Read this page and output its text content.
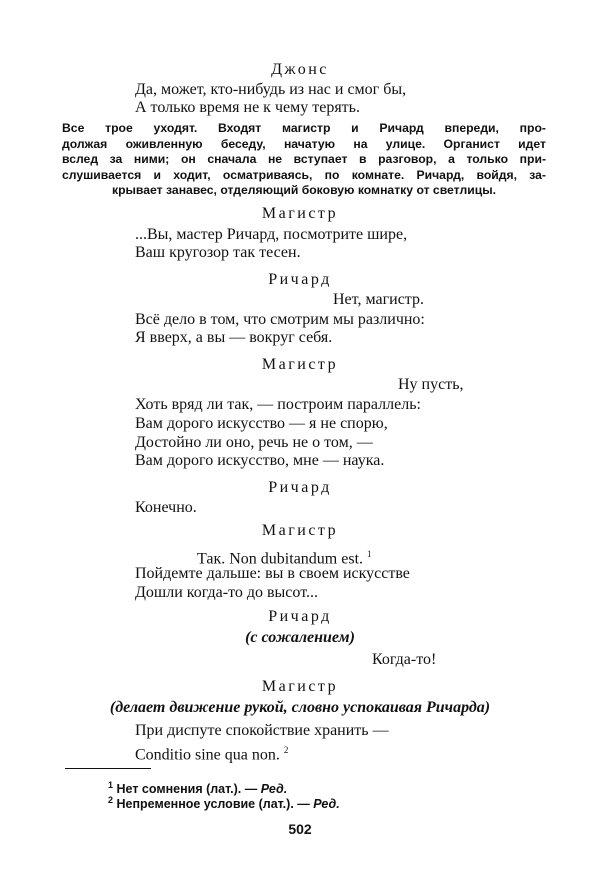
Джонс
Да, может, кто-нибудь из нас и смог бы,
А только время не к чему терять.
Все трое уходят. Входят магистр и Ричард впереди, про-
должая оживленную беседу, начатую на улице. Органист идет
вслед за ними; он сначала не вступает в разговор, а только при-
слушивается и ходит, осматриваясь, по комнате. Ричард, войдя, за-
крывает занавес, отделяющий боковую комнатку от светлицы.
Магистр
...Вы, мастер Ричард, посмотрите шире,
Ваш кругозор так тесен.
Ричард
Нет, магистр.
Всё дело в том, что смотрим мы различно:
Я вверх, а вы — вокруг себя.
Магистр
Ну пусть,
Хоть вряд ли так, — построим параллель:
Вам дорого искусство — я не спорю,
Достойно ли оно, речь не о том, —
Вам дорого искусство, мне — наука.
Ричард
Конечно.
Магистр
Так. Non dubitandum est. $^1$
Пойдемте дальше: вы в своем искусстве
Дошли когда-то до высот...
Ричард
(с сожалением)
Когда-то!
Магистр
(делает движение рукой, словно успокаивая Ричарда)
При диспуте спокойствие хранить —
Conditio sine qua non. $^2$
$^1$ Нет сомнения (лат.). — Ред.
$^2$ Непременное условие (лат.). — Ред.
502
